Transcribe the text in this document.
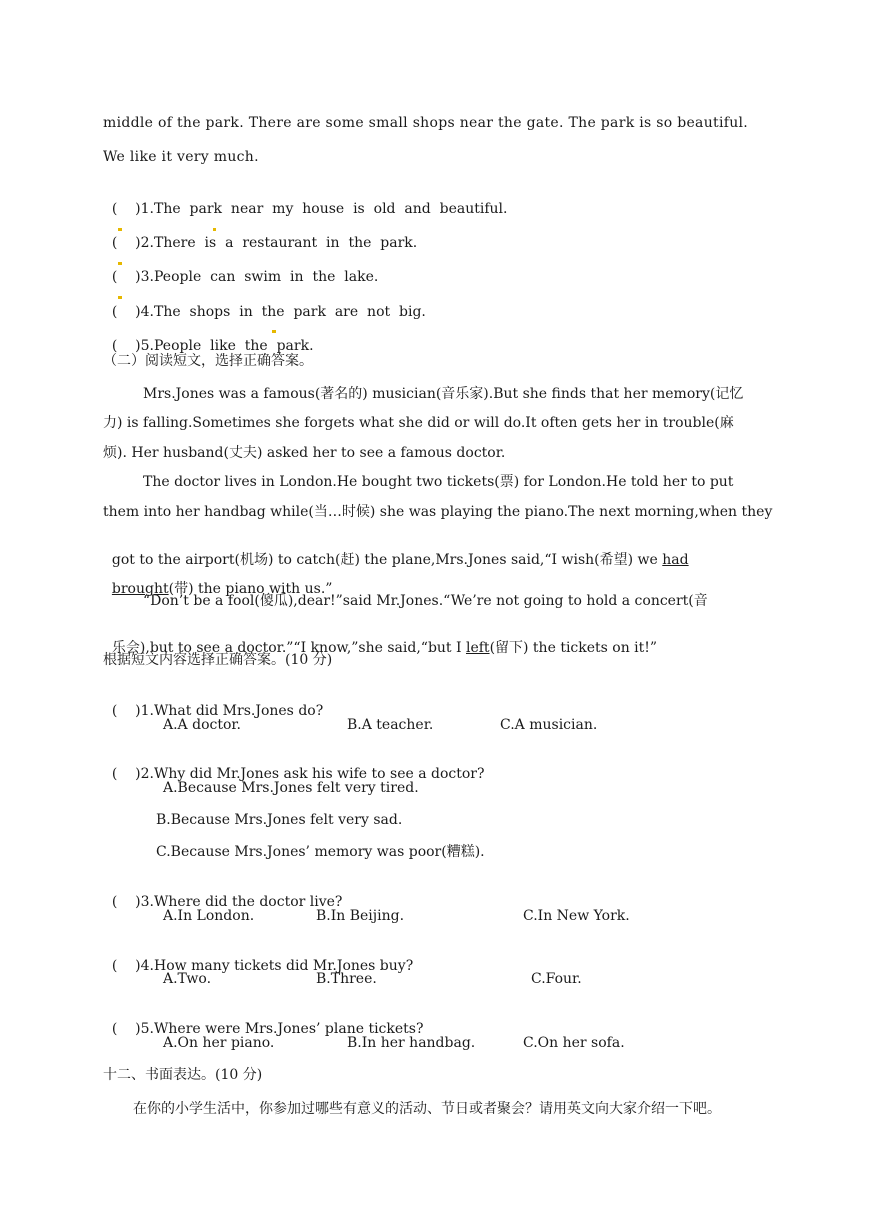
middle of the park. There are some small shops near the gate. The park is so beautiful.
We like it very much.

(    )1.The  park  near  my  house  is  old  and  beautiful.

(    )2.There  is  a  restaurant  in  the  park.

(    )3.People  can  swim  in  the  lake.

(    )4.The  shops  in  the  park  are  not  big.

(    )5.People  like  the  park.

（二）阅读短文，选择正确答案。
Mrs.Jones was a famous(著名的) musician(音乐家).But she finds that her memory(记忆
力) is falling.Sometimes she forgets what she did or will do.It often gets her in trouble(麻
烦). Her husband(丈夫) asked her to see a famous doctor.
The doctor lives in London.He bought two tickets(票) for London.He told her to put
them into her handbag while(当…时候) she was playing the piano.The next morning,when they

got to the airport(机场) to catch(赶) the plane,Mrs.Jones said,“I wish(希望) we had

brought(带) the piano with us.”

“Don’t be a fool(傻瓜),dear!”said Mr.Jones.“We’re not going to hold a concert(音

乐会),but to see a doctor.”“I know,”she said,“but I left(留下) the tickets on it!”

根据短文内容选择正确答案。(10 分)

(    )1.What did Mrs.Jones do?

A.A doctor.	B.A teacher.	C.A musician.

(    )2.Why did Mr.Jones ask his wife to see a doctor?

A.Because Mrs.Jones felt very tired.
B.Because Mrs.Jones felt very sad.
C.Because Mrs.Jones’ memory was poor(糟糕).

(    )3.Where did the doctor live?

A.In London.	B.In Beijing.	C.In New York.

(    )4.How many tickets did Mr.Jones buy?

A.Two.	B.Three.	C.Four.

(    )5.Where were Mrs.Jones’ plane tickets?

A.On her piano.	B.In her handbag.	C.On her sofa.
十二、书面表达。(10 分)
在你的小学生活中，你参加过哪些有意义的活动、节日或者聚会？请用英文向大家介绍一下吧。
